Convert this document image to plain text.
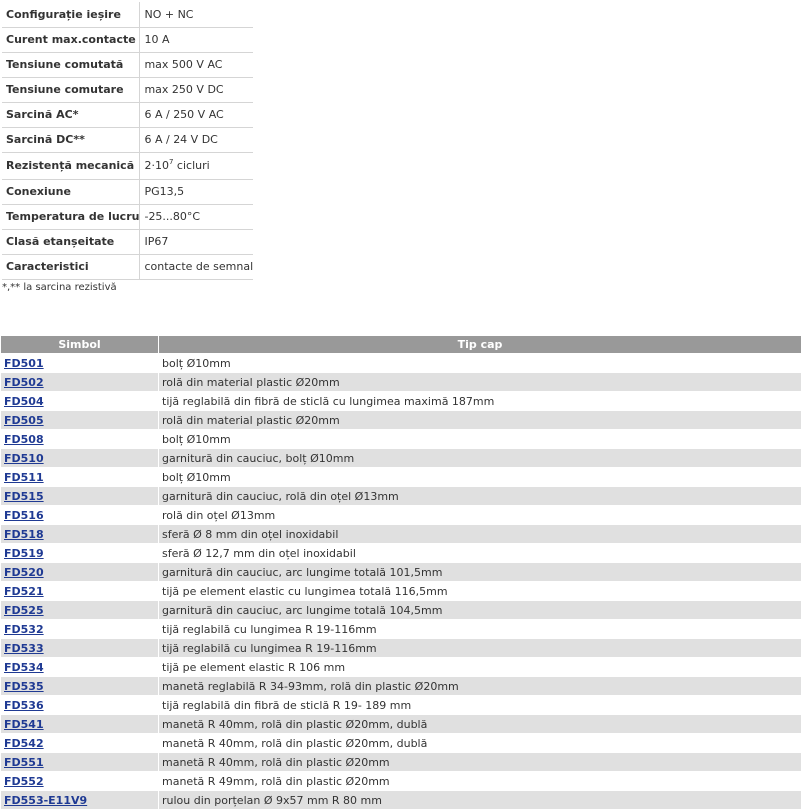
Configurație ieșire	NO + NC
Curent max.contacte	10 A
Tensiune comutată	max 500 V AC
Tensiune comutare	max 250 V DC
Sarcină AC*	6 A / 250 V AC
Sarcină DC**	6 A / 24 V DC
Rezistență mecanică	$2\cdot 10^7$ cicluri
Conexiune	PG13,5
Temperatura de lucru	-25...80°C
Clasă etanșeitate	IP67
Caracteristici	contacte de semnal
*,** la sarcina rezistivă
Simbol	Tip cap
FD501	bolț Ø10mm
FD502	rolă din material plastic Ø20mm
FD504	tijă reglabilă din fibră de sticlă cu lungimea maximă 187mm
FD505	rolă din material plastic Ø20mm
FD508	bolț Ø10mm
FD510	garnitură din cauciuc, bolț Ø10mm
FD511	bolț Ø10mm
FD515	garnitură din cauciuc, rolă din oțel Ø13mm
FD516	rolă din oțel Ø13mm
FD518	sferă Ø 8 mm din oțel inoxidabil
FD519	sferă Ø 12,7 mm din oțel inoxidabil
FD520	garnitură din cauciuc, arc lungime totală 101,5mm
FD521	tijă pe element elastic cu lungimea totală 116,5mm
FD525	garnitură din cauciuc, arc lungime totală 104,5mm
FD532	tijă reglabilă cu lungimea R 19-116mm
FD533	tijă reglabilă cu lungimea R 19-116mm
FD534	tijă pe element elastic R 106 mm
FD535	manetă reglabilă R 34-93mm, rolă din plastic Ø20mm
FD536	tijă reglabilă din fibră de sticlă R 19- 189 mm
FD541	manetă R 40mm, rolă din plastic Ø20mm, dublă
FD542	manetă R 40mm, rolă din plastic Ø20mm, dublă
FD551	manetă R 40mm, rolă din plastic Ø20mm
FD552	manetă R 49mm, rolă din plastic Ø20mm
FD553-E11V9	rulou din porțelan Ø 9x57 mm R 80 mm
